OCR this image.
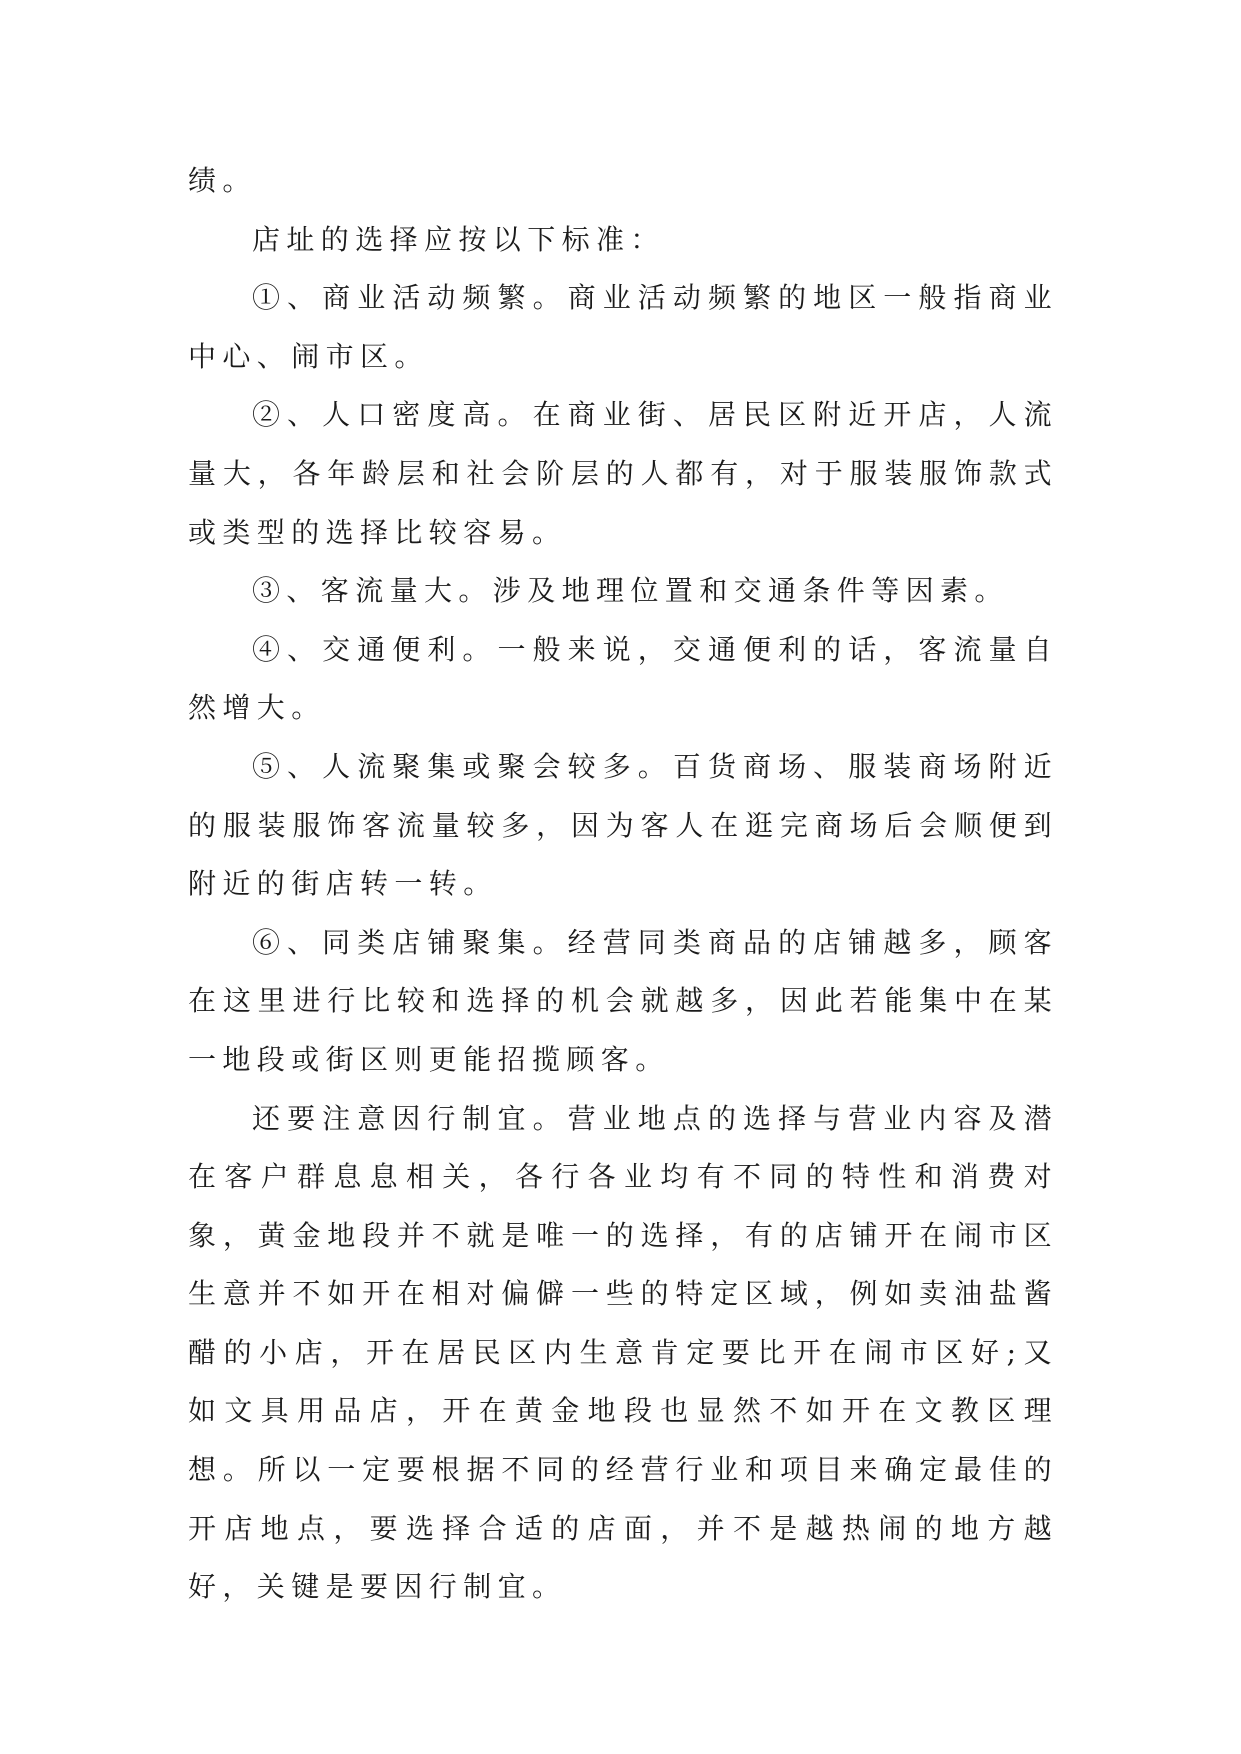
绩。

店址的选择应按以下标准：

①、商业活动频繁。商业活动频繁的地区一般指商业中心、闹市区。

②、人口密度高。在商业街、居民区附近开店，人流量大，各年龄层和社会阶层的人都有，对于服装服饰款式或类型的选择比较容易。

③、客流量大。涉及地理位置和交通条件等因素。

④、交通便利。一般来说，交通便利的话，客流量自然增大。

⑤、人流聚集或聚会较多。百货商场、服装商场附近的服装服饰客流量较多，因为客人在逛完商场后会顺便到附近的街店转一转。

⑥、同类店铺聚集。经营同类商品的店铺越多，顾客在这里进行比较和选择的机会就越多，因此若能集中在某一地段或街区则更能招揽顾客。

还要注意因行制宜。营业地点的选择与营业内容及潜在客户群息息相关，各行各业均有不同的特性和消费对象，黄金地段并不就是唯一的选择，有的店铺开在闹市区生意并不如开在相对偏僻一些的特定区域，例如卖油盐酱醋的小店，开在居民区内生意肯定要比开在闹市区好;又如文具用品店，开在黄金地段也显然不如开在文教区理想。所以一定要根据不同的经营行业和项目来确定最佳的开店地点，要选择合适的店面，并不是越热闹的地方越好，关键是要因行制宜。
